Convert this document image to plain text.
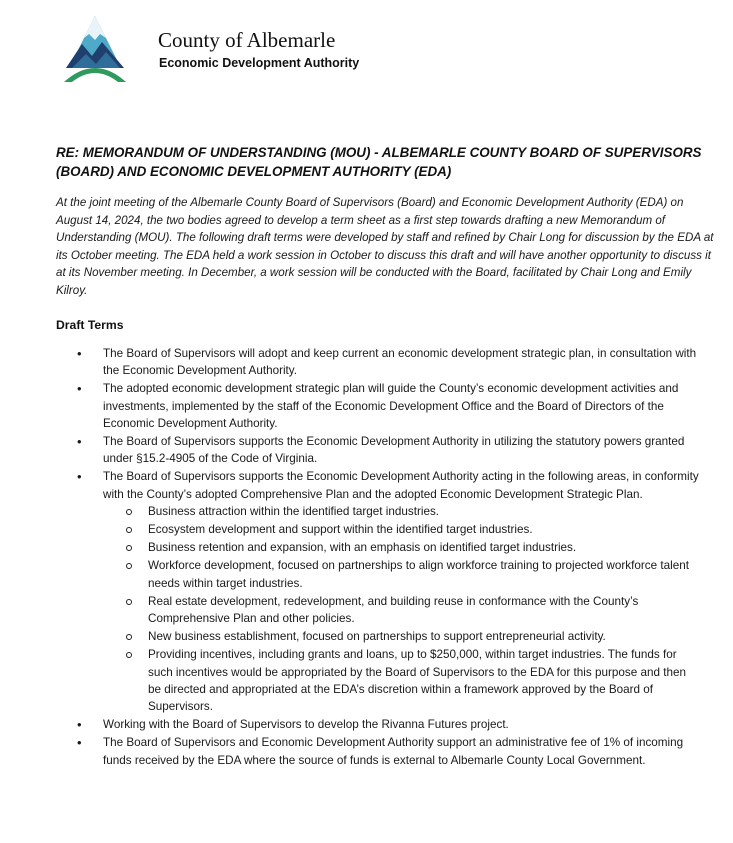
County of Albemarle
Economic Development Authority
RE: MEMORANDUM OF UNDERSTANDING (MOU) - ALBEMARLE COUNTY BOARD OF SUPERVISORS (BOARD) AND ECONOMIC DEVELOPMENT AUTHORITY (EDA)
At the joint meeting of the Albemarle County Board of Supervisors (Board) and Economic Development Authority (EDA) on August 14, 2024, the two bodies agreed to develop a term sheet as a first step towards drafting a new Memorandum of Understanding (MOU). The following draft terms were developed by staff and refined by Chair Long for discussion by the EDA at its October meeting. The EDA held a work session in October to discuss this draft and will have another opportunity to discuss it at its November meeting. In December, a work session will be conducted with the Board, facilitated by Chair Long and Emily Kilroy.
Draft Terms
• The Board of Supervisors will adopt and keep current an economic development strategic plan, in consultation with the Economic Development Authority.
• The adopted economic development strategic plan will guide the County’s economic development activities and investments, implemented by the staff of the Economic Development Office and the Board of Directors of the Economic Development Authority.
• The Board of Supervisors supports the Economic Development Authority in utilizing the statutory powers granted under §15.2-4905 of the Code of Virginia.
• The Board of Supervisors supports the Economic Development Authority acting in the following areas, in conformity with the County’s adopted Comprehensive Plan and the adopted Economic Development Strategic Plan.
Business attraction within the identified target industries.
Ecosystem development and support within the identified target industries.
Business retention and expansion, with an emphasis on identified target industries.
Workforce development, focused on partnerships to align workforce training to projected workforce talent needs within target industries.
Real estate development, redevelopment, and building reuse in conformance with the County’s Comprehensive Plan and other policies.
New business establishment, focused on partnerships to support entrepreneurial activity.
Providing incentives, including grants and loans, up to $250,000, within target industries. The funds for such incentives would be appropriated by the Board of Supervisors to the EDA for this purpose and then be directed and appropriated at the EDA’s discretion within a framework approved by the Board of Supervisors.
• Working with the Board of Supervisors to develop the Rivanna Futures project.
• The Board of Supervisors and Economic Development Authority support an administrative fee of 1% of incoming funds received by the EDA where the source of funds is external to Albemarle County Local Government.
